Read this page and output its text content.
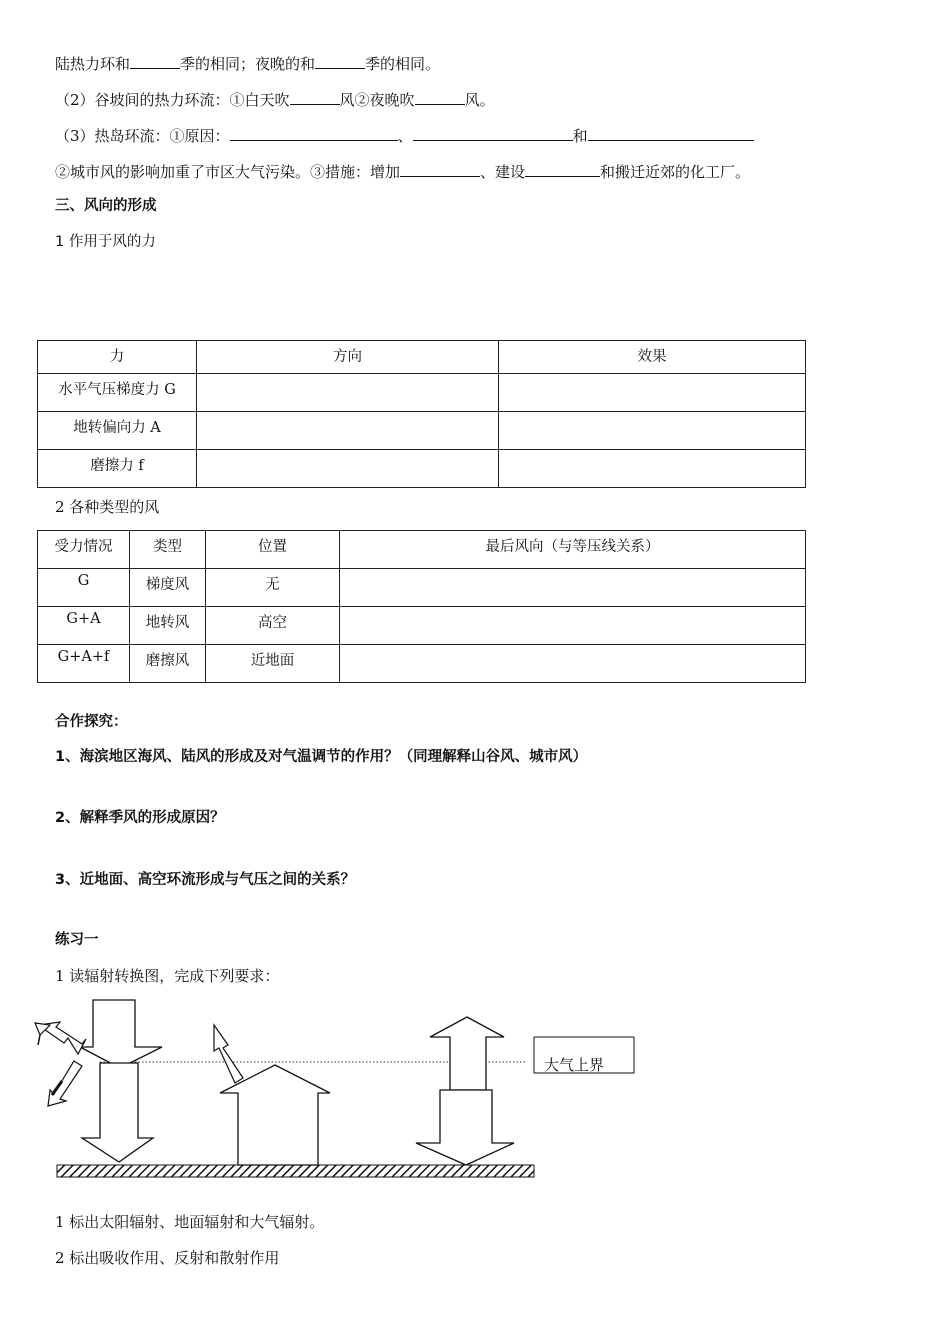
陆热力环和	季的相同；夜晚的和	季的相同。
（2）谷坡间的热力环流：①白天吹	风②夜晚吹	风。
（3）热岛环流：①原因：	、	和
②城市风的影响加重了市区大气污染。③措施：增加	、建设	和搬迁近郊的化工厂。
三、风向的形成
1 作用于风的力
力	方向	效果
水平气压梯度力 G		
地转偏向力 A		
磨擦力 f		
2 各种类型的风
受力情况	类型	位置	最后风向（与等压线关系）
G	梯度风	无	
G+A	地转风	高空	
G+A+f	磨擦风	近地面	
合作探究：
1、海滨地区海风、陆风的形成及对气温调节的作用？（同理解释山谷风、城市风）
2、解释季风的形成原因？
3、近地面、高空环流形成与气压之间的关系？
练习一
1 读辐射转换图，完成下列要求：
大气上界
1 标出太阳辐射、地面辐射和大气辐射。
2 标出吸收作用、反射和散射作用
